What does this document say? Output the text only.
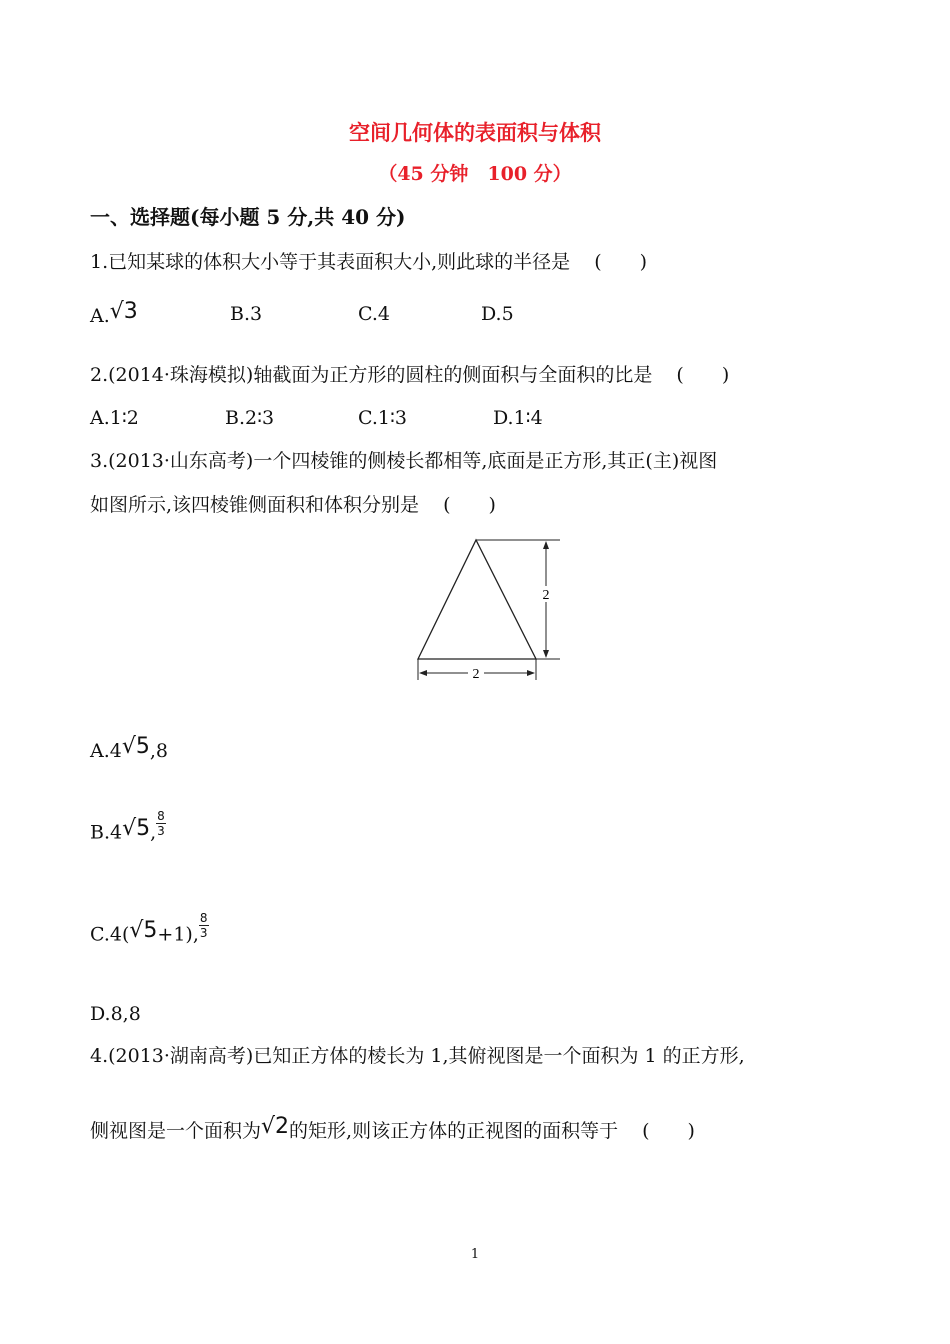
空间几何体的表面积与体积
（45 分钟　100 分）
一、选择题(每小题 5 分,共 40 分)
1.已知某球的体积大小等于其表面积大小,则此球的半径是 (　　)
A.√3	B.3	C.4	D.5
2.(2014·珠海模拟)轴截面为正方形的圆柱的侧面积与全面积的比是 (　　)
A.1∶2	B.2∶3	C.1∶3	D.1∶4
3.(2013·山东高考)一个四棱锥的侧棱长都相等,底面是正方形,其正(主)视图
如图所示,该四棱锥侧面积和体积分别是 (　　)
2
2
A.4√5,8
B.4√5, $\frac{8}{3}$
C.4(√5+1), $\frac{8}{3}$
D.8,8
4.(2013·湖南高考)已知正方体的棱长为 1,其俯视图是一个面积为 1 的正方形,
侧视图是一个面积为√2的矩形,则该正方体的正视图的面积等于 (　　)
1
